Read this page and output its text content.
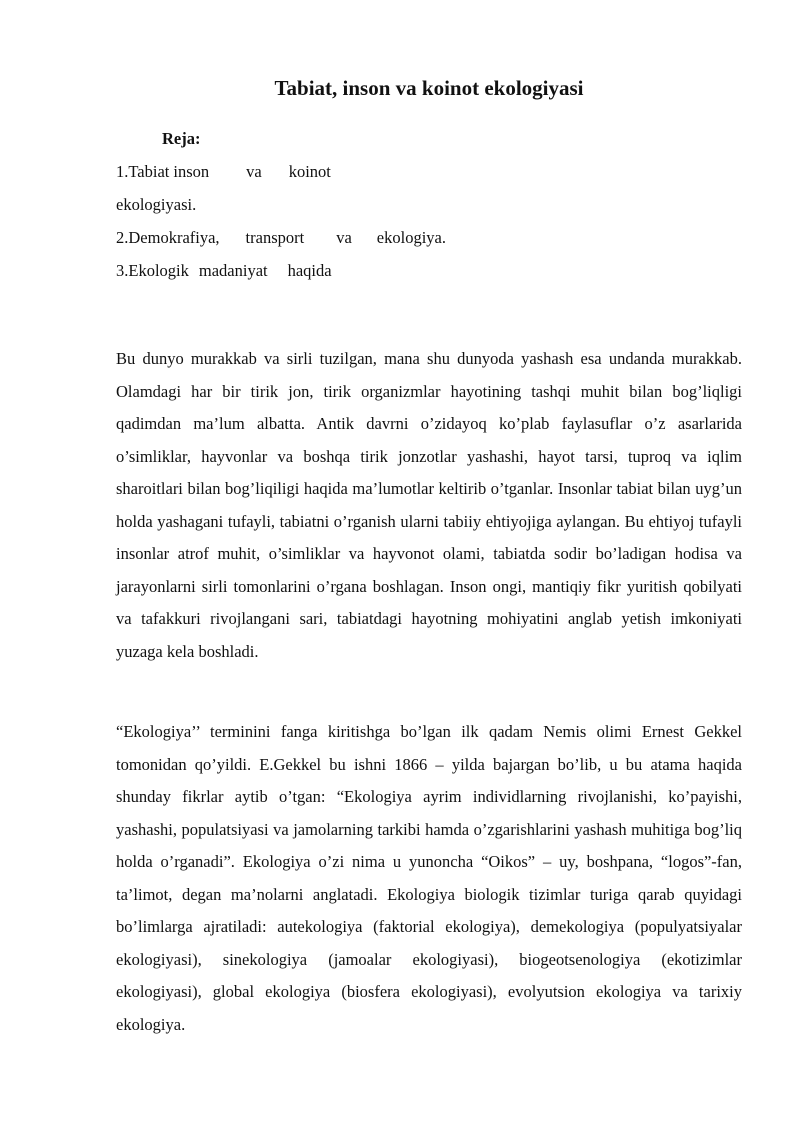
Tabiat, inson va koinot ekologiyasi
Reja:
1.Tabiat inson va koinot
ekologiyasi.
2.Demokrafiya, transport va ekologiya.
3.Ekologik madaniyat haqida

Bu dunyo murakkab va sirli tuzilgan, mana shu dunyoda yashash esa undanda murakkab. Olamdagi har bir tirik jon, tirik organizmlar hayotining tashqi muhit bilan bog’liqligi qadimdan ma’lum albatta. Antik davrni o’zidayoq ko’plab faylasuflar o’z asarlarida o’simliklar, hayvonlar va boshqa tirik jonzotlar yashashi, hayot tarsi, tuproq va iqlim sharoitlari bilan bog’liqiligi haqida ma’lumotlar keltirib o’tganlar. Insonlar tabiat bilan uyg’un holda yashagani tufayli, tabiatni o’rganish ularni tabiiy ehtiyojiga aylangan. Bu ehtiyoj tufayli insonlar atrof muhit, o’simliklar va hayvonot olami, tabiatda sodir bo’ladigan hodisa va jarayonlarni sirli tomonlarini o’rgana boshlagan. Inson ongi, mantiqiy fikr yuritish qobilyati va tafakkuri rivojlangani sari, tabiatdagi hayotning mohiyatini anglab yetish imkoniyati yuzaga kela boshladi.

“Ekologiya’’ terminini fanga kiritishga bo’lgan ilk qadam Nemis olimi Ernest Gekkel tomonidan qo’yildi. E.Gekkel bu ishni 1866 – yilda bajargan bo’lib, u bu atama haqida shunday fikrlar aytib o’tgan: “Ekologiya ayrim individlarning rivojlanishi, ko’payishi, yashashi, populatsiyasi va jamolarning tarkibi hamda o’zgarishlarini yashash muhitiga bog’liq holda o’rganadi”. Ekologiya o’zi nima u yunoncha “Oikos” – uy, boshpana, “logos”-fan, ta’limot, degan ma’nolarni anglatadi. Ekologiya biologik tizimlar turiga qarab quyidagi bo’limlarga ajratiladi: autekologiya (faktorial ekologiya), demekologiya (populyatsiyalar ekologiyasi), sinekologiya (jamoalar ekologiyasi), biogeotsenologiya (ekotizimlar ekologiyasi), global ekologiya (biosfera ekologiyasi), evolyutsion ekologiya va tarixiy ekologiya.
